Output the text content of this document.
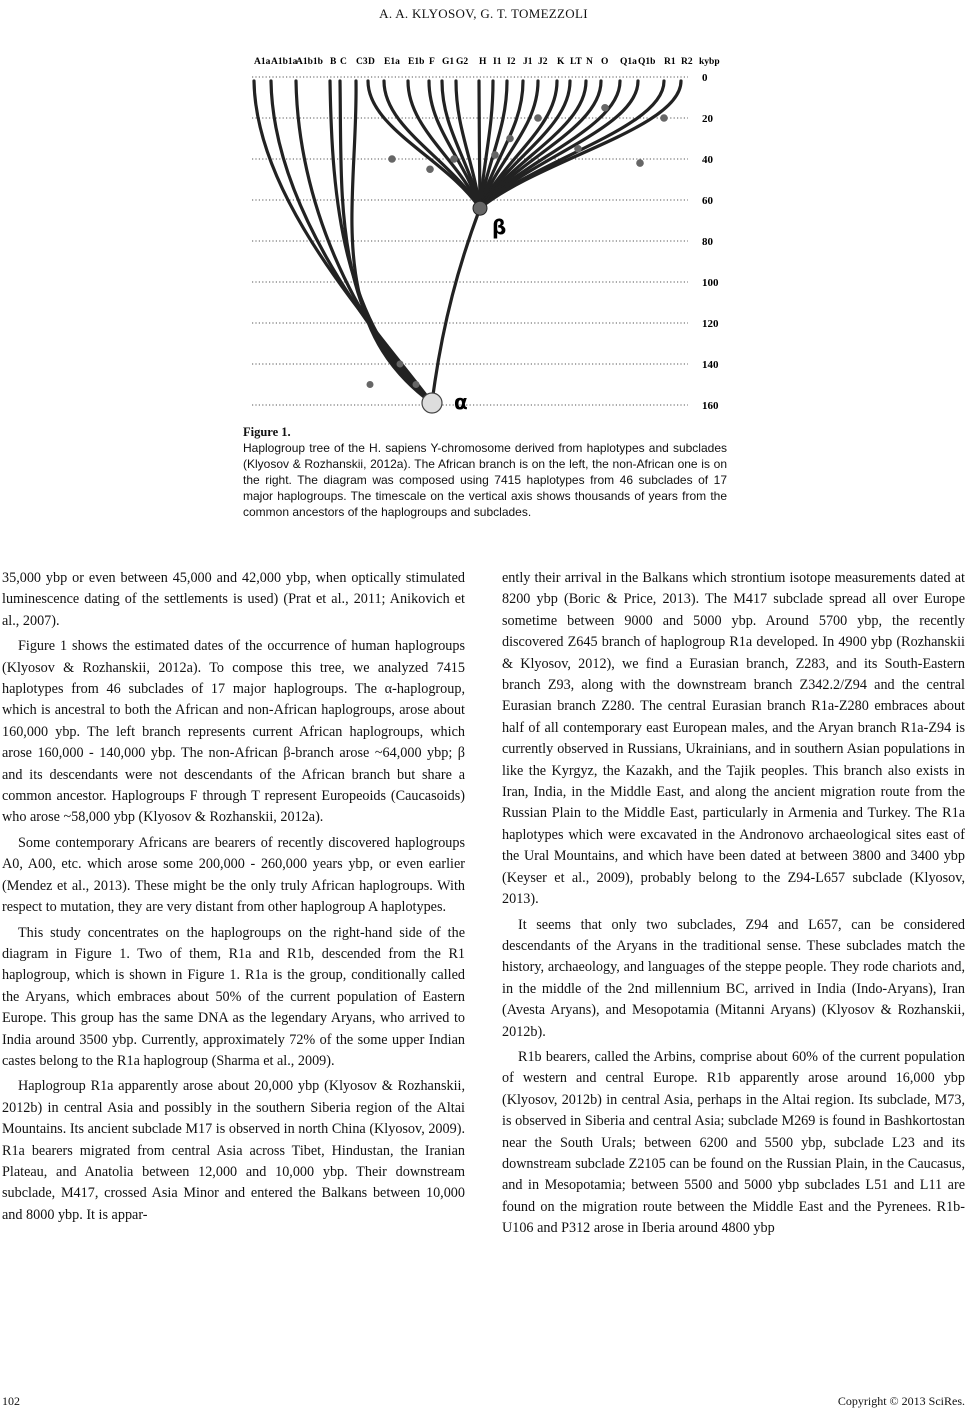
A. A. KLYOSOV, G. T. TOMEZZOLI
β
α
A1a A1b1a
A1b1b B C C3 D E1a E1b F G1 G2 H I1 I2 J1 J2 K LT N O Q1a Q1b R1 R2 kybp
0
20
40
60
80
100
120
140
160
Figure 1.
Haplogroup tree of the H. sapiens Y-chromosome derived from haplotypes and subclades (Klyosov & Rozhanskii, 2012a). The African branch is on the left, the non-African one is on the right. The diagram was composed using 7415 haplotypes from 46 subclades of 17 major haplogroups. The timescale on the vertical axis shows thousands of years from the common ancestors of the haplogroups and subclades.

35,000 ybp or even between 45,000 and 42,000 ybp, when optically stimulated luminescence dating of the settlements is used) (Prat et al., 2011; Anikovich et al., 2007).

Figure 1 shows the estimated dates of the occurrence of human haplogroups (Klyosov & Rozhanskii, 2012a). To compose this tree, we analyzed 7415 haplotypes from 46 subclades of 17 major haplogroups. The α-haplogroup, which is ancestral to both the African and non-African haplogroups, arose about 160,000 ybp. The left branch represents current African haplogroups, which arose 160,000 - 140,000 ybp. The non-African β-branch arose ~64,000 ybp; β and its descendants were not descendants of the African branch but share a common ancestor. Haplogroups F through T represent Europeoids (Caucasoids) who arose ~58,000 ybp (Klyosov & Rozhanskii, 2012a).

Some contemporary Africans are bearers of recently discovered haplogroups A0, A00, etc. which arose some 200,000 - 260,000 years ybp, or even earlier (Mendez et al., 2013). These might be the only truly African haplogroups. With respect to mutation, they are very distant from other haplogroup A haplotypes.

This study concentrates on the haplogroups on the right-hand side of the diagram in Figure 1. Two of them, R1a and R1b, descended from the R1 haplogroup, which is shown in Figure 1. R1a is the group, conditionally called the Aryans, which embraces about 50% of the current population of Eastern Europe. This group has the same DNA as the legendary Aryans, who arrived to India around 3500 ybp. Currently, approximately 72% of the some upper Indian castes belong to the R1a haplogroup (Sharma et al., 2009).

Haplogroup R1a apparently arose about 20,000 ybp (Klyosov & Rozhanskii, 2012b) in central Asia and possibly in the southern Siberia region of the Altai Mountains. Its ancient subclade M17 is observed in north China (Klyosov, 2009). R1a bearers migrated from central Asia across Tibet, Hindustan, the Iranian Plateau, and Anatolia between 12,000 and 10,000 ybp. Their downstream subclade, M417, crossed Asia Minor and entered the Balkans between 10,000 and 8000 ybp. It is appar-

ently their arrival in the Balkans which strontium isotope measurements dated at 8200 ybp (Boric & Price, 2013). The M417 subclade spread all over Europe sometime between 9000 and 5000 ybp. Around 5700 ybp, the recently discovered Z645 branch of haplogroup R1a developed. In 4900 ybp (Rozhanskii & Klyosov, 2012), we find a Eurasian branch, Z283, and its South-Eastern branch Z93, along with the downstream branch Z342.2/Z94 and the central Eurasian branch Z280. The central Eurasian branch R1a-Z280 embraces about half of all contemporary east European males, and the Aryan branch R1a-Z94 is currently observed in Russians, Ukrainians, and in southern Asian populations in like the Kyrgyz, the Kazakh, and the Tajik peoples. This branch also exists in Iran, India, in the Middle East, and along the ancient migration route from the Russian Plain to the Middle East, particularly in Armenia and Turkey. The R1a haplotypes which were excavated in the Andronovo archaeological sites east of the Ural Mountains, and which have been dated at between 3800 and 3400 ybp (Keyser et al., 2009), probably belong to the Z94-L657 subclade (Klyosov, 2013).

It seems that only two subclades, Z94 and L657, can be considered descendants of the Aryans in the traditional sense. These subclades match the history, archaeology, and languages of the steppe people. They rode chariots and, in the middle of the 2nd millennium BC, arrived in India (Indo-Aryans), Iran (Avesta Aryans), and Mesopotamia (Mitanni Aryans) (Klyosov & Rozhanskii, 2012b).

R1b bearers, called the Arbins, comprise about 60% of the current population of western and central Europe. R1b apparently arose around 16,000 ybp (Klyosov, 2012b) in central Asia, perhaps in the Altai region. Its subclade, M73, is observed in Siberia and central Asia; subclade M269 is found in Bashkortostan near the South Urals; between 6200 and 5500 ybp, subclade L23 and its downstream subclade Z2105 can be found on the Russian Plain, in the Caucasus, and in Mesopotamia; between 5500 and 5000 ybp subclades L51 and L11 are found on the migration route between the Middle East and the Pyrenees. R1b-U106 and P312 arose in Iberia around 4800 ybp

102	Copyright © 2013 SciRes.
